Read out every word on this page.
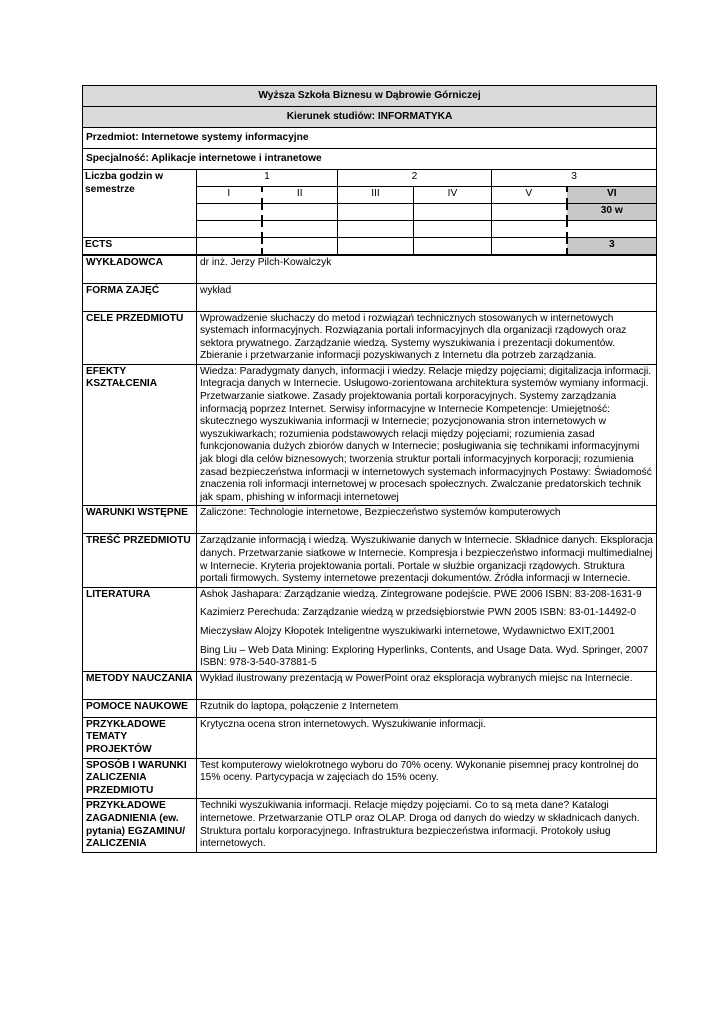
Wyższa Szkoła Biznesu w Dąbrowie Górniczej						
Kierunek studiów: INFORMATYKA						
Przedmiot: Internetowe systemy informacyjne						
Specjalność: Aplikacje internetowe i intranetowe						
Liczba godzin w semestrze	1		2		3	
	I	II	III	IV	V	VI
						30 w

ECTS						3
WYKŁADOWCA	dr inż. Jerzy Pilch-Kowalczyk					
FORMA ZAJĘĆ	wykład					
CELE PRZEDMIOTU	Wprowadzenie słuchaczy do metod i rozwiązań technicznych stosowanych w internetowych systemach informacyjnych. Rozwiązania portali informacyjnych dla organizacji rządowych oraz sektora prywatnego. Zarządzanie wiedzą. Systemy wyszukiwania i prezentacji dokumentów. Zbieranie i przetwarzanie informacji pozyskiwanych z Internetu dla potrzeb zarządzania.					
EFEKTY KSZTAŁCENIA	Wiedza: Paradygmaty danych, informacji i wiedzy. Relacje między pojęciami; digitalizacja informacji. Integracja danych w Internecie. Usługowo-zorientowana architektura systemów wymiany informacji. Przetwarzanie siatkowe. Zasady projektowania portali korporacyjnych. Systemy zarządzania informacją poprzez Internet. Serwisy informacyjne w Internecie Kompetencje: Umiejętność: skutecznego wyszukiwania informacji w Internecie; pozycjonowania stron internetowych w wyszukiwarkach; rozumienia podstawowych relacji między pojęciami; rozumienia zasad funkcjonowania dużych zbiorów danych w Internecie; posługiwania się technikami informacyjnymi jak blogi dla celów biznesowych; tworzenia struktur portali informacyjnych korporacji; rozumienia zasad bezpieczeństwa informacji w internetowych systemach informacyjnych Postawy: Świadomość znaczenia roli informacji internetowej w procesach społecznych. Zwalczanie predatorskich technik jak spam, phishing w informacji internetowej					
WARUNKI WSTĘPNE	Zaliczone: Technologie internetowe, Bezpieczeństwo systemów komputerowych					
TREŚĆ PRZEDMIOTU	Zarządzanie informacją i wiedzą. Wyszukiwanie danych w Internecie. Składnice danych. Eksploracja danych. Przetwarzanie siatkowe w Internecie. Kompresja i bezpieczeństwo informacji multimedialnej w Internecie. Kryteria projektowania portali. Portale w służbie organizacji rządowych. Struktura portali firmowych. Systemy internetowe prezentacji dokumentów. Źródła informacji w Internecie.					
LITERATURA	Ashok Jashapara: Zarządzanie wiedzą. Zintegrowane podejście. PWE 2006 ISBN: 83-208-1631-9
Kazimierz Perechuda: Zarządzanie wiedzą w przedsiębiorstwie PWN 2005 ISBN: 83-01-14492-0
Mieczysław Alojzy Kłopotek Inteligentne wyszukiwarki internetowe, Wydawnictwo EXIT,2001
Bing Liu – Web Data Mining: Exploring Hyperlinks, Contents, and Usage Data. Wyd. Springer, 2007 ISBN: 978-3-540-37881-5					

METODY NAUCZANIA	Wykład ilustrowany prezentacją w PowerPoint oraz eksploracja wybranych miejsc na Internecie.					
POMOCE NAUKOWE	Rzutnik do laptopa, połączenie z Internetem					
PRZYKŁADOWE TEMATY PROJEKTÓW	Krytyczna ocena stron internetowych. Wyszukiwanie informacji.					
SPOSÓB I WARUNKI ZALICZENIA PRZEDMIOTU	Test komputerowy wielokrotnego wyboru do 70% oceny. Wykonanie pisemnej pracy kontrolnej do 15% oceny. Partycypacja w zajęciach do 15% oceny.					
PRZYKŁADOWE ZAGADNIENIA (ew. pytania) EGZAMINU/ ZALICZENIA	Techniki wyszukiwania informacji. Relacje między pojęciami. Co to są meta dane? Katalogi internetowe. Przetwarzanie OTLP oraz OLAP. Droga od danych do wiedzy w składnicach danych. Struktura portalu korporacyjnego. Infrastruktura bezpieczeństwa informacji. Protokoły usług internetowych.					
